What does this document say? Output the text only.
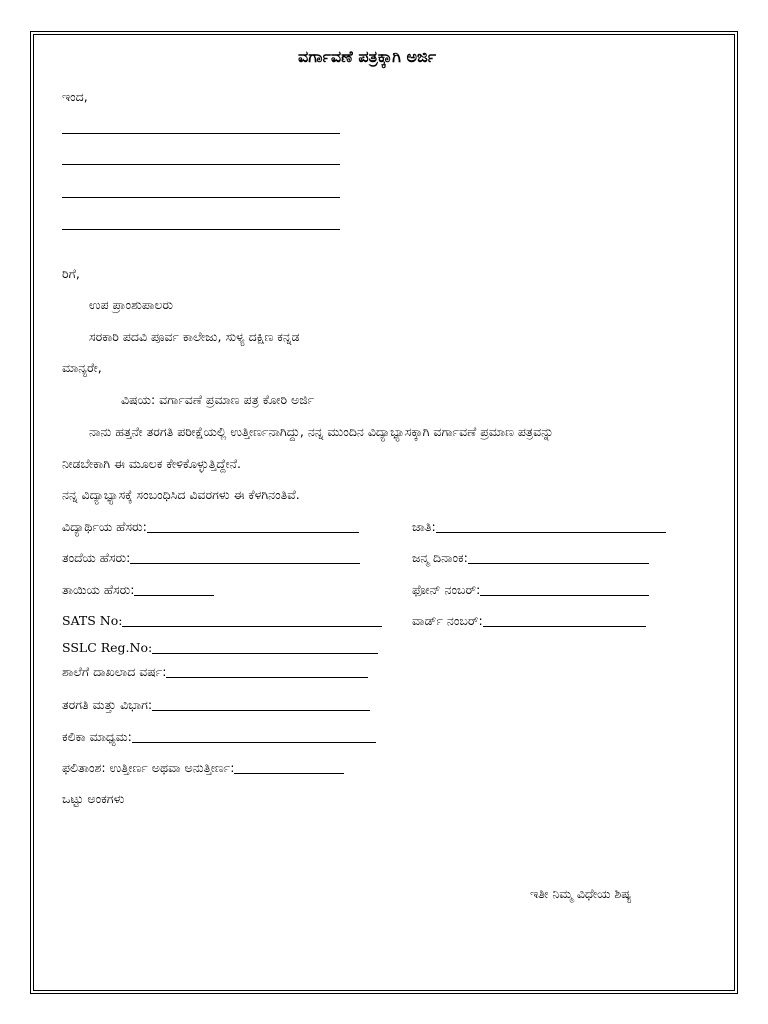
ವರ್ಗಾವಣೆ ಪತ್ರಕ್ಕಾಗಿ ಅರ್ಜಿ
ಇಂದ,
ರಿಗೆ,
ಉಪ ಪ್ರಾಂಶುಪಾಲರು
ಸರಕಾರಿ ಪದವಿ ಪೂರ್ವ ಕಾಲೇಜು, ಸುಳ್ಯ ದಕ್ಷಿಣ ಕನ್ನಡ
ಮಾನ್ಯರೇ,
ವಿಷಯ: ವರ್ಗಾವಣೆ ಪ್ರಮಾಣ ಪತ್ರ ಕೋರಿ ಅರ್ಜಿ
ನಾನು ಹತ್ತನೇ ತರಗತಿ ಪರೀಕ್ಷೆಯಲ್ಲಿ ಉತ್ತೀರ್ಣನಾಗಿದ್ದು, ನನ್ನ ಮುಂದಿನ ವಿದ್ಯಾಭ್ಯಾಸಕ್ಕಾಗಿ ವರ್ಗಾವಣೆ ಪ್ರಮಾಣ ಪತ್ರವನ್ನು
ನೀಡಬೇಕಾಗಿ ಈ ಮೂಲಕ ಕೇಳಿಕೊಳ್ಳುತ್ತಿದ್ದೇನೆ.
ನನ್ನ ವಿದ್ಯಾಭ್ಯಾಸಕ್ಕೆ ಸಂಬಂಧಿಸಿದ ವಿವರಗಳು ಈ ಕೆಳಗಿನಂತಿವೆ.
ವಿದ್ಯಾರ್ಥಿಯ ಹೆಸರು:
ತಂದೆಯ ಹೆಸರು:
ತಾಯಿಯ ಹೆಸರು:
SATS No:
SSLC Reg.No:
ಶಾಲೆಗೆ ದಾಖಲಾದ ವರ್ಷ:
ತರಗತಿ ಮತ್ತು ವಿಭಾಗ:
ಕಲಿಕಾ ಮಾಧ್ಯಮ:
ಫಲಿತಾಂಶ: ಉತ್ತೀರ್ಣ ಅಥವಾ ಅನುತ್ತೀರ್ಣ:
ಒಟ್ಟು ಅಂಕಗಳು
ಜಾತಿ:
ಜನ್ಮ ದಿನಾಂಕ:
ಫೋನ್ ನಂಬರ್:
ವಾರ್ಡ್ ನಂಬರ್:
ಇತೀ ನಿಮ್ಮ ವಿಧೇಯ ಶಿಷ್ಯ
